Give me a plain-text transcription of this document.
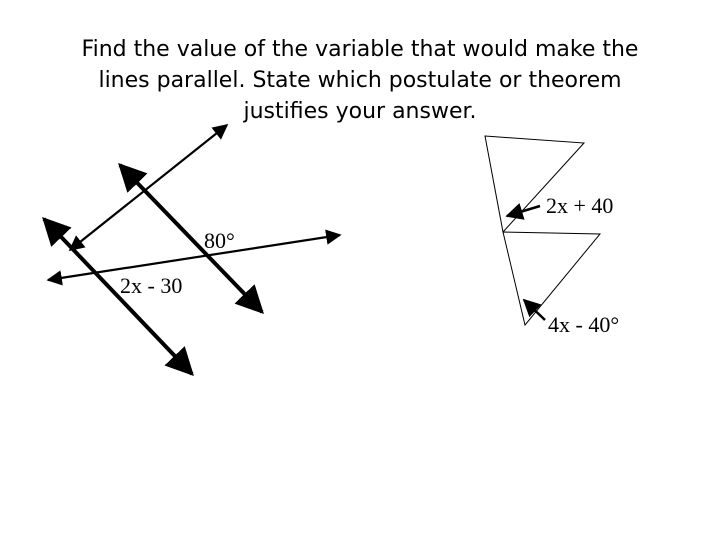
Find the value of the variable that would make the
lines parallel. State which postulate or theorem
justifies your answer.
80°
2x - 30
2x + 40
4x - 40°
